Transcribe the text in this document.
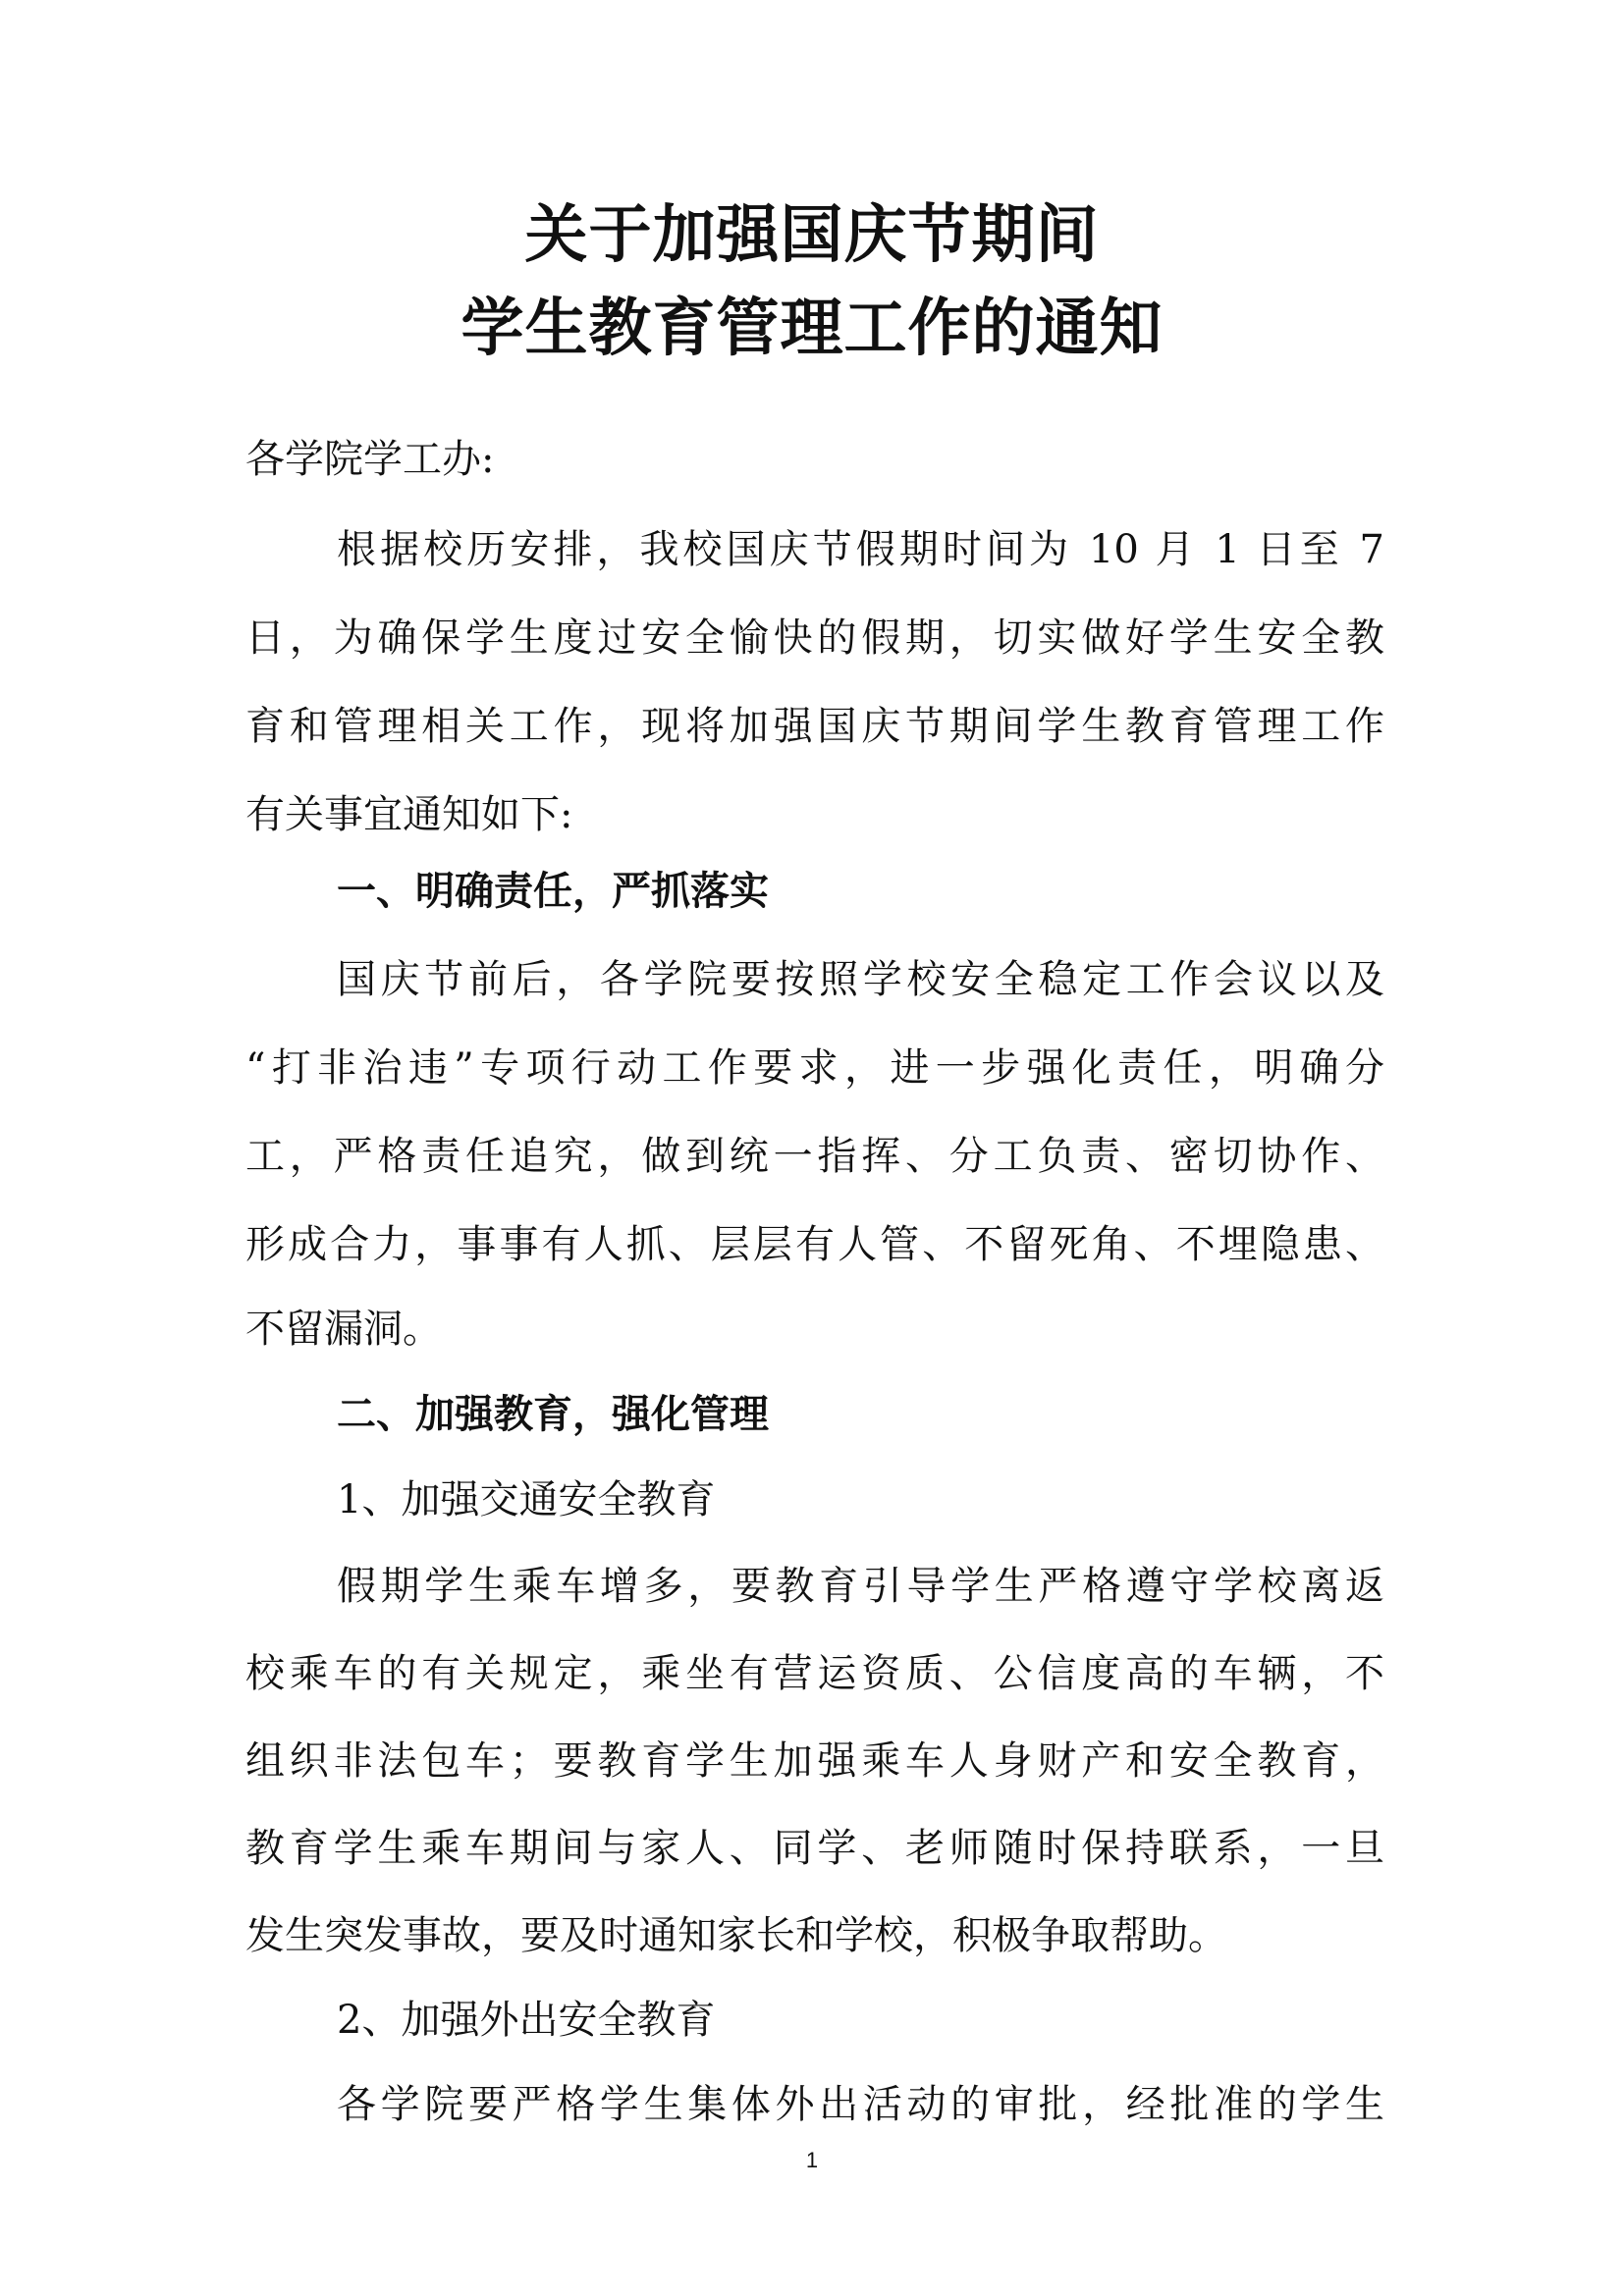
关于加强国庆节期间
学生教育管理工作的通知
各学院学工办:
根据校历安排，我校国庆节假期时间为 10 月 1 日至 7
日，为确保学生度过安全愉快的假期，切实做好学生安全教
育和管理相关工作，现将加强国庆节期间学生教育管理工作
有关事宜通知如下:
一、明确责任，严抓落实
国庆节前后，各学院要按照学校安全稳定工作会议以及
“打非治违”专项行动工作要求，进一步强化责任，明确分
工，严格责任追究，做到统一指挥、分工负责、密切协作、
形成合力，事事有人抓、层层有人管、不留死角、不埋隐患、
不留漏洞。
二、加强教育，强化管理
1、加强交通安全教育
假期学生乘车增多，要教育引导学生严格遵守学校离返
校乘车的有关规定，乘坐有营运资质、公信度高的车辆，不
组织非法包车；要教育学生加强乘车人身财产和安全教育，
教育学生乘车期间与家人、同学、老师随时保持联系，一旦
发生突发事故，要及时通知家长和学校，积极争取帮助。
2、加强外出安全教育
各学院要严格学生集体外出活动的审批，经批准的学生
1
